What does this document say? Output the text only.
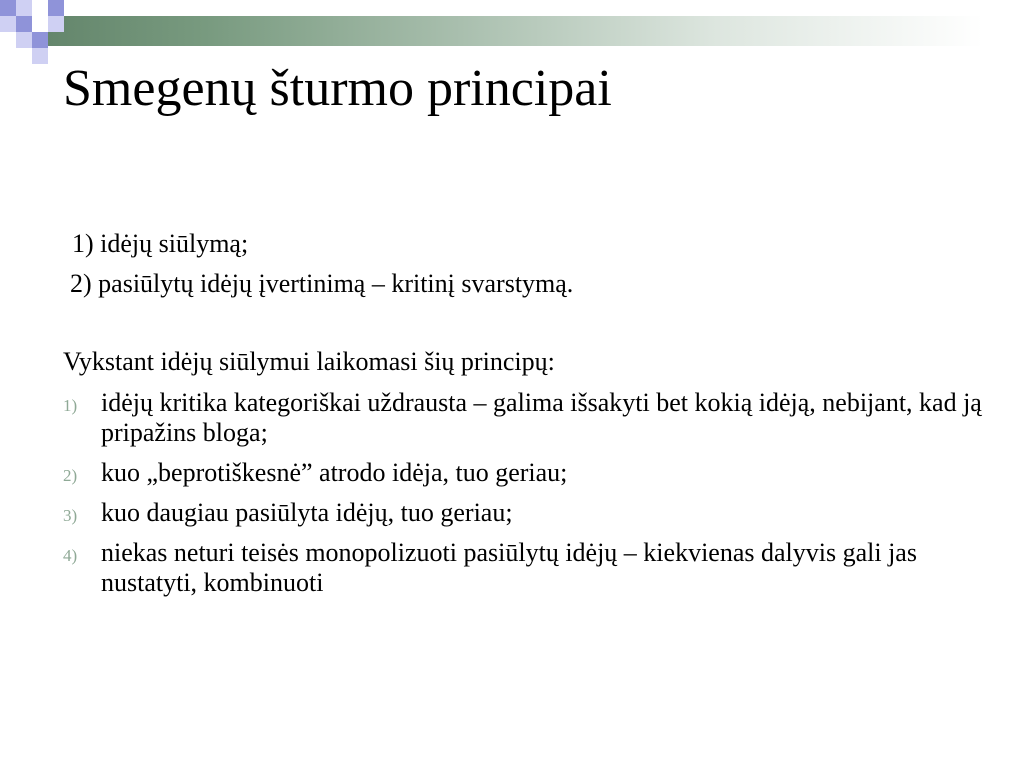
Smegenų šturmo principai
1) idėjų siūlymą;
2) pasiūlytų idėjų įvertinimą – kritinį svarstymą.
Vykstant idėjų siūlymui laikomasi šių principų:
1) idėjų kritika kategoriškai uždrausta – galima išsakyti bet kokią idėją, nebijant, kad ją pripažins bloga;
2) kuo „beprotiškesnė” atrodo idėja, tuo geriau;
3) kuo daugiau pasiūlyta idėjų, tuo geriau;
4) niekas neturi teisės monopolizuoti pasiūlytų idėjų – kiekvienas dalyvis gali jas nustatyti, kombinuoti
